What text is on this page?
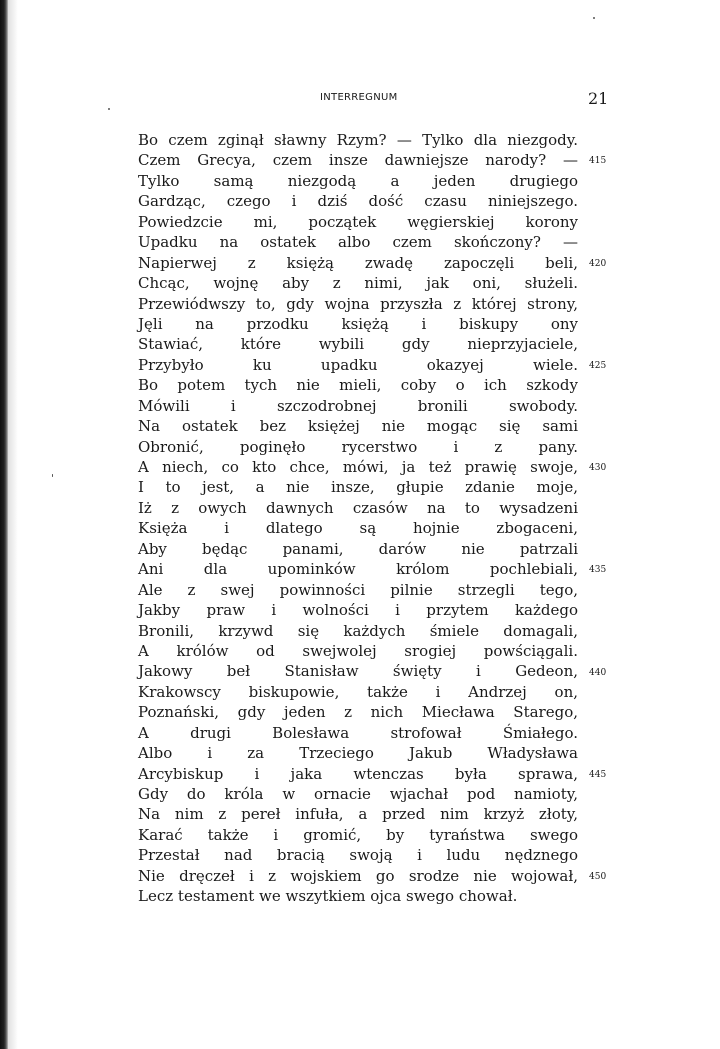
INTERREGNUM	21
Bo czem zginął sławny Rzym? — Tylko dla niezgody.
Czem Grecya, czem insze dawniejsze narody? —
Tylko samą niezgodą a jeden drugiego
Gardząc, czego i dziś dość czasu niniejszego.
Powiedzcie mi, początek węgierskiej korony
Upadku na ostatek albo czem skończony? —
Napierwej z księżą zwadę zapoczęli beli,
Chcąc, wojnę aby z nimi, jak oni, służeli.
Przewiódwszy to, gdy wojna przyszła z której strony,
Jęli na przodku księżą i biskupy ony
Stawiać, które wybili gdy nieprzyjaciele,
Przybyło ku upadku okazyej wiele.
Bo potem tych nie mieli, coby o ich szkody
Mówili i szczodrobnej bronili swobody.
Na ostatek bez księżej nie mogąc się sami
Obronić, poginęło rycerstwo i z pany.
A niech, co kto chce, mówi, ja też prawię swoje,
I to jest, a nie insze, głupie zdanie moje,
Iż z owych dawnych czasów na to wysadzeni
Księża i dlatego są hojnie zbogaceni,
Aby będąc panami, darów nie patrzali
Ani dla upominków królom pochlebiali,
Ale z swej powinności pilnie strzegli tego,
Jakby praw i wolności i przytem każdego
Bronili, krzywd się każdych śmiele domagali,
A królów od swejwolej srogiej powściągali.
Jakowy beł Stanisław święty i Gedeon,
Krakowscy biskupowie, także i Andrzej on,
Poznański, gdy jeden z nich Miecława Starego,
A drugi Bolesława strofował Śmiałego.
Albo i za Trzeciego Jakub Władysława
Arcybiskup i jaka wtenczas była sprawa,
Gdy do króla w ornacie wjachał pod namioty,
Na nim z pereł infuła, a przed nim krzyż złoty,
Karać także i gromić, by tyraństwa swego
Przestał nad bracią swoją i ludu nędznego
Nie dręczeł i z wojskiem go srodze nie wojował,
Lecz testament we wszytkiem ojca swego chował.
415
420
425
430
435
440
445
450
